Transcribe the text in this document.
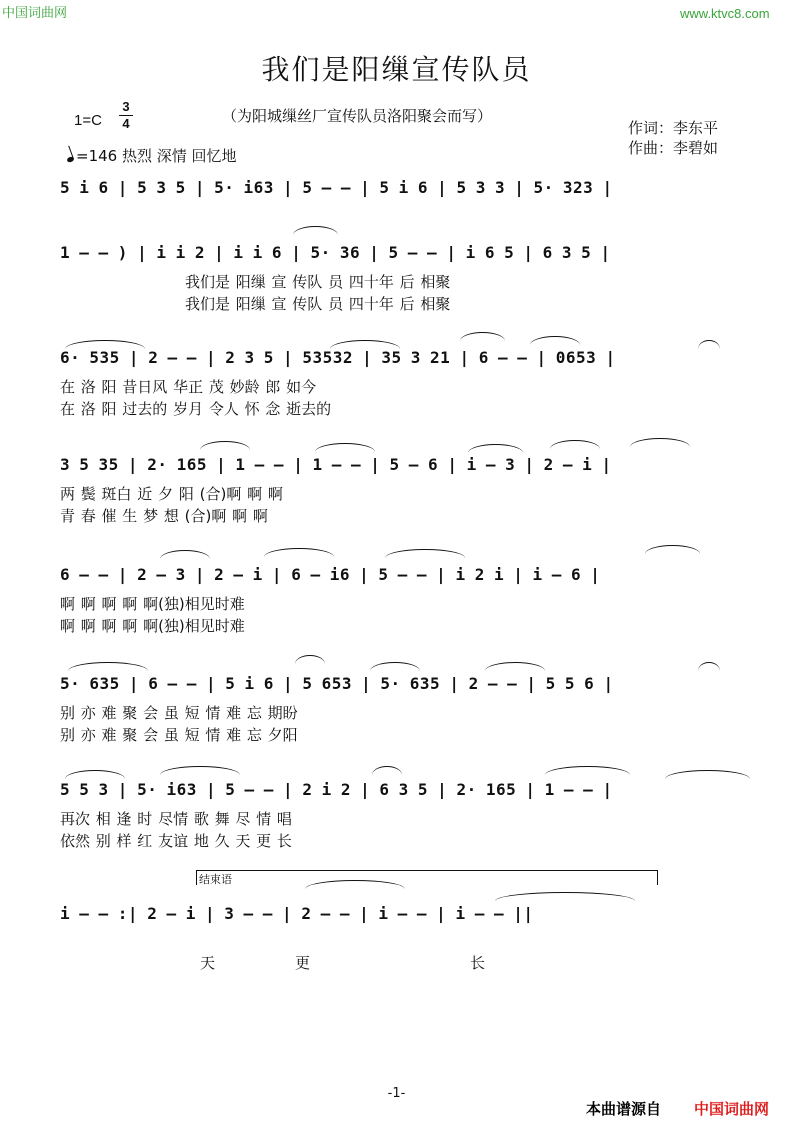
中国词曲网	www.ktvc8.com
我们是阳缫宣传队员
1=C
3
4	（为阳城缫丝厂宣传队员洛阳聚会而写）
作词：李东平
作曲：李碧如
=146 热烈 深情 回忆地
5 i 6 | 5 3 5 | 5· i63 | 5 – – | 5 i 6 | 5 3 3 | 5· 323 |
1 – – ) | i i 2 | i i 6 | 5· 36 | 5 – – | i 6 5 | 6 3 5 |
我们是 阳缫 宣 传队 员 四十年 后 相聚
我们是 阳缫 宣 传队 员 四十年 后 相聚
6· 535 | 2 – – | 2 3 5 | 53532 | 35 3 21 | 6 – – | 0653 |
在 洛 阳 昔日风 华正 茂 妙龄 郎 如今
在 洛 阳 过去的 岁月 令人 怀 念 逝去的
3 5 35 | 2· 165 | 1 – – | 1 – – | 5 – 6 | i – 3 | 2 – i |
两 鬓 斑白 近 夕 阳 (合)啊 啊 啊
青 春 催 生 梦 想 (合)啊 啊 啊
6 – – | 2 – 3 | 2 – i | 6 – i6 | 5 – – | i 2 i | i – 6 |
啊 啊 啊 啊 啊(独)相见时难
啊 啊 啊 啊 啊(独)相见时难
5· 635 | 6 – – | 5 i 6 | 5 653 | 5· 635 | 2 – – | 5 5 6 |
别 亦 难 聚 会 虽 短 情 难 忘 期盼
别 亦 难 聚 会 虽 短 情 难 忘 夕阳
5 5 3 | 5· i63 | 5 – – | 2 i 2 | 6 3 5 | 2· 165 | 1 – – |
再次 相 逢 时 尽情 歌 舞 尽 情 唱
依然 别 样 红 友谊 地 久 天 更 长
结束语
i – – :| 2 – i | 3 – – | 2 – – | i – – | i – – ||
天	更	长
-1-
本曲谱源自 中国词曲网
